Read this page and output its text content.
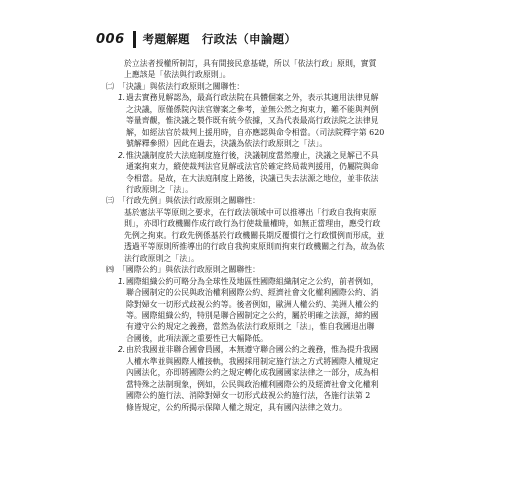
006 考題解題 行政法（申論題）
於立法者授權所制訂，具有間接民意基礎，所以「依法行政」原則，實質
上應該是「依法與行政原則」。
㈡ 「決議」與依法行政原則之關聯性：
1. 過去實務見解認為，最高行政法院在具體個案之外，表示其適用法律見解
之決議，原僅係院內法官辦案之參考，並無公然之拘束力，難不能與判例
等量齊觀，惟決議之製作既有統今依據，又為代表最高行政法院之法律見
解，如經法官於裁判上援用時，自亦應認與命令相當。（司法院釋字第 620
號解釋參照）因此在過去，決議為依法行政原則之「法」。
2. 惟決議制度於大法庭制度施行後，決議制度當然廢止，決議之見解已不具
通案拘束力，縱使裁判法官見解或法官於確定終局裁判援用，仍屬院與命
令相當。是故，在大法庭制度上路後，決議已失去法源之地位，並非依法
行政原則之「法」。
㈢ 「行政先例」與依法行政原則之關聯性：
基於憲法平等原則之要求，在行政法領域中可以推導出「行政自我拘束原
則」，亦即行政機關作成行政行為行使裁量權時，如無正當理由，應受行政
先例之拘束。行政先例係基於行政機關長期反覆慣行之行政慣例而形成，並
透過平等原則所推導出的行政自我拘束原則而拘束行政機關之行為，故為依
法行政原則之「法」。
㈣ 「國際公約」與依法行政原則之關聯性：
1. 國際組織公約可略分為全球性及地區性國際組織制定之公約，前者例如，
聯合國制定的公民與政治權利國際公約、經濟社會文化權利國際公約、消
除對婦女一切形式歧視公約等。後者例如，歐洲人權公約、美洲人權公約
等。國際組織公約，特別是聯合國制定之公約，屬於明確之法源，締約國
有遵守公約規定之義務，當然為依法行政原則之「法」，惟自我國退出聯
合國後，此項法源之重要性已大幅降低。
2. 由於我國並非聯合國會員國，本無遵守聯合國公約之義務，惟為提升我國
人權水準並與國際人權接軌，我國採用制定施行法之方式將國際人權規定
內國法化，亦即將國際公約之規定轉化成我國國家法律之一部分，成為相
當特殊之法制現象，例如，公民與政治權利國際公約及經濟社會文化權利
國際公約施行法、消除對婦女一切形式歧視公約施行法，各施行法第 2
條皆規定，公約所揭示保障人權之規定，具有國內法律之效力。
